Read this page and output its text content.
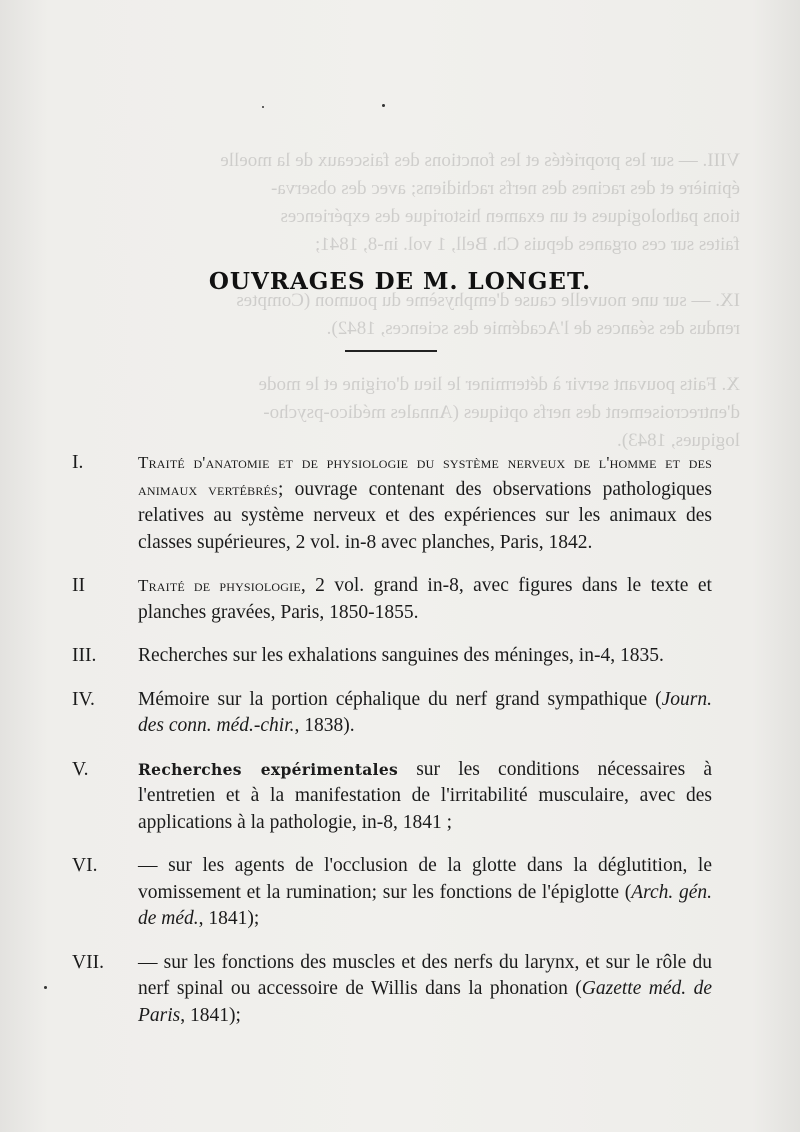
VIII. — sur les propriétés et les fonctions des faisceaux de la moelle
épinière et des racines des nerfs rachidiens; avec des observa-
tions pathologiques et un examen historique des expériences
faites sur ces organes depuis Ch. Bell, 1 vol. in-8, 1841;
IX. — sur une nouvelle cause d'emphysème du poumon (Comptes
rendus des séances de l'Académie des sciences, 1842).
X. Faits pouvant servir à déterminer le lieu d'origine et le mode
d'entrecroisement des nerfs optiques (Annales médico-psycho-
logiques, 1843).
OUVRAGES DE M. LONGET.
I.	Traité d'anatomie et de physiologie du système nerveux de l'homme et des animaux vertébrés; ouvrage contenant des observations pathologiques relatives au système nerveux et des expériences sur les animaux des classes supérieures, 2 vol. in-8 avec planches, Paris, 1842.
II	Traité de physiologie, 2 vol. grand in-8, avec figures dans le texte et planches gravées, Paris, 1850-1855.
III.	Recherches sur les exhalations sanguines des méninges, in-4, 1835.
IV.	Mémoire sur la portion céphalique du nerf grand sympathique (Journ. des conn. méd.-chir., 1838).
V.	Recherches expérimentales sur les conditions nécessaires à l'entretien et à la manifestation de l'irritabilité musculaire, avec des applications à la pathologie, in-8, 1841 ;
VI.	— sur les agents de l'occlusion de la glotte dans la déglutition, le vomissement et la rumination; sur les fonctions de l'épiglotte (Arch. gén. de méd., 1841);
VII.	— sur les fonctions des muscles et des nerfs du larynx, et sur le rôle du nerf spinal ou accessoire de Willis dans la phonation (Gazette méd. de Paris, 1841);
